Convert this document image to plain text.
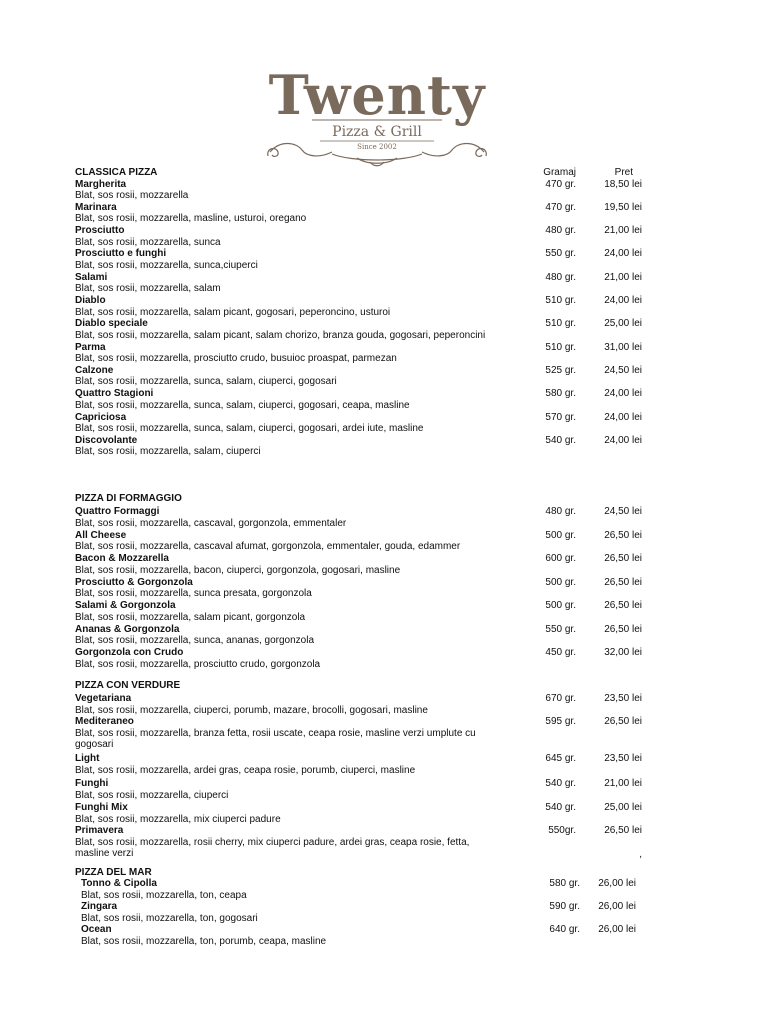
Twenty
Pizza & Grill
Since 2002
CLASSICA PIZZA	Gramaj	Pret
Margherita
Blat, sos rosii, mozzarella
470 gr.	18,50 lei
Marinara
Blat, sos rosii, mozzarella, masline, usturoi, oregano
470 gr.	19,50 lei
Prosciutto
Blat, sos rosii, mozzarella, sunca
480 gr.	21,00 lei
Prosciutto e funghi
Blat, sos rosii, mozzarella, sunca,ciuperci
550 gr.	24,00 lei
Salami
Blat, sos rosii, mozzarella, salam
480 gr.	21,00 lei
Diablo
Blat, sos rosii, mozzarella, salam picant, gogosari, peperoncino, usturoi
510 gr.	24,00 lei
Diablo speciale
Blat, sos rosii, mozzarella, salam picant, salam chorizo, branza gouda, gogosari, peperoncini
510 gr.	25,00 lei
Parma
Blat, sos rosii, mozzarella, prosciutto crudo, busuioc proaspat, parmezan
510 gr.	31,00 lei
Calzone
Blat, sos rosii, mozzarella, sunca, salam, ciuperci, gogosari
525 gr.	24,50 lei
Quattro Stagioni
Blat, sos rosii, mozzarella, sunca, salam, ciuperci, gogosari, ceapa, masline
580 gr.	24,00 lei
Capriciosa
Blat, sos rosii, mozzarella, sunca, salam, ciuperci, gogosari, ardei iute, masline
570 gr.	24,00 lei
Discovolante
Blat, sos rosii, mozzarella, salam, ciuperci
540 gr.	24,00 lei
PIZZA DI FORMAGGIO
Quattro Formaggi
Blat, sos rosii, mozzarella, cascaval, gorgonzola, emmentaler
480 gr.	24,50 lei
All Cheese
Blat, sos rosii, mozzarella, cascaval afumat, gorgonzola, emmentaler, gouda, edammer
500 gr.	26,50 lei
Bacon & Mozzarella
Blat, sos rosii, mozzarella, bacon, ciuperci, gorgonzola, gogosari, masline
600 gr.	26,50 lei
Prosciutto & Gorgonzola
Blat, sos rosii, mozzarella, sunca presata, gorgonzola
500 gr.	26,50 lei
Salami & Gorgonzola
Blat, sos rosii, mozzarella, salam picant, gorgonzola
500 gr.	26,50 lei
Ananas & Gorgonzola
Blat, sos rosii, mozzarella, sunca, ananas, gorgonzola
550 gr.	26,50 lei
Gorgonzola con Crudo
Blat, sos rosii, mozzarella, prosciutto crudo, gorgonzola
450 gr.	32,00 lei
PIZZA CON VERDURE
Vegetariana
Blat, sos rosii, mozzarella, ciuperci, porumb, mazare, brocolli, gogosari, masline
670 gr.	23,50 lei
Mediteraneo
Blat, sos rosii, mozzarella, branza fetta, rosii uscate, ceapa rosie, masline verzi umplute cu
gogosari
595 gr.	26,50 lei
Light
Blat, sos rosii, mozzarella, ardei gras, ceapa rosie, porumb, ciuperci, masline
645 gr.	23,50 lei
Funghi
Blat, sos rosii, mozzarella, ciuperci
540 gr.	21,00 lei
Funghi Mix
Blat, sos rosii, mozzarella, mix ciuperci padure
540 gr.	25,00 lei
Primavera
Blat, sos rosii, mozzarella, rosii cherry, mix ciuperci padure, ardei gras, ceapa rosie, fetta,
masline verzi
550gr.	26,50 lei
PIZZA DEL MAR
Tonno & Cipolla
Blat, sos rosii, mozzarella, ton, ceapa
580 gr. 26,00 lei
Zingara
Blat, sos rosii, mozzarella, ton, gogosari
590 gr. 26,00 lei
Ocean
Blat, sos rosii, mozzarella, ton, porumb, ceapa, masline
640 gr. 26,00 lei
,
